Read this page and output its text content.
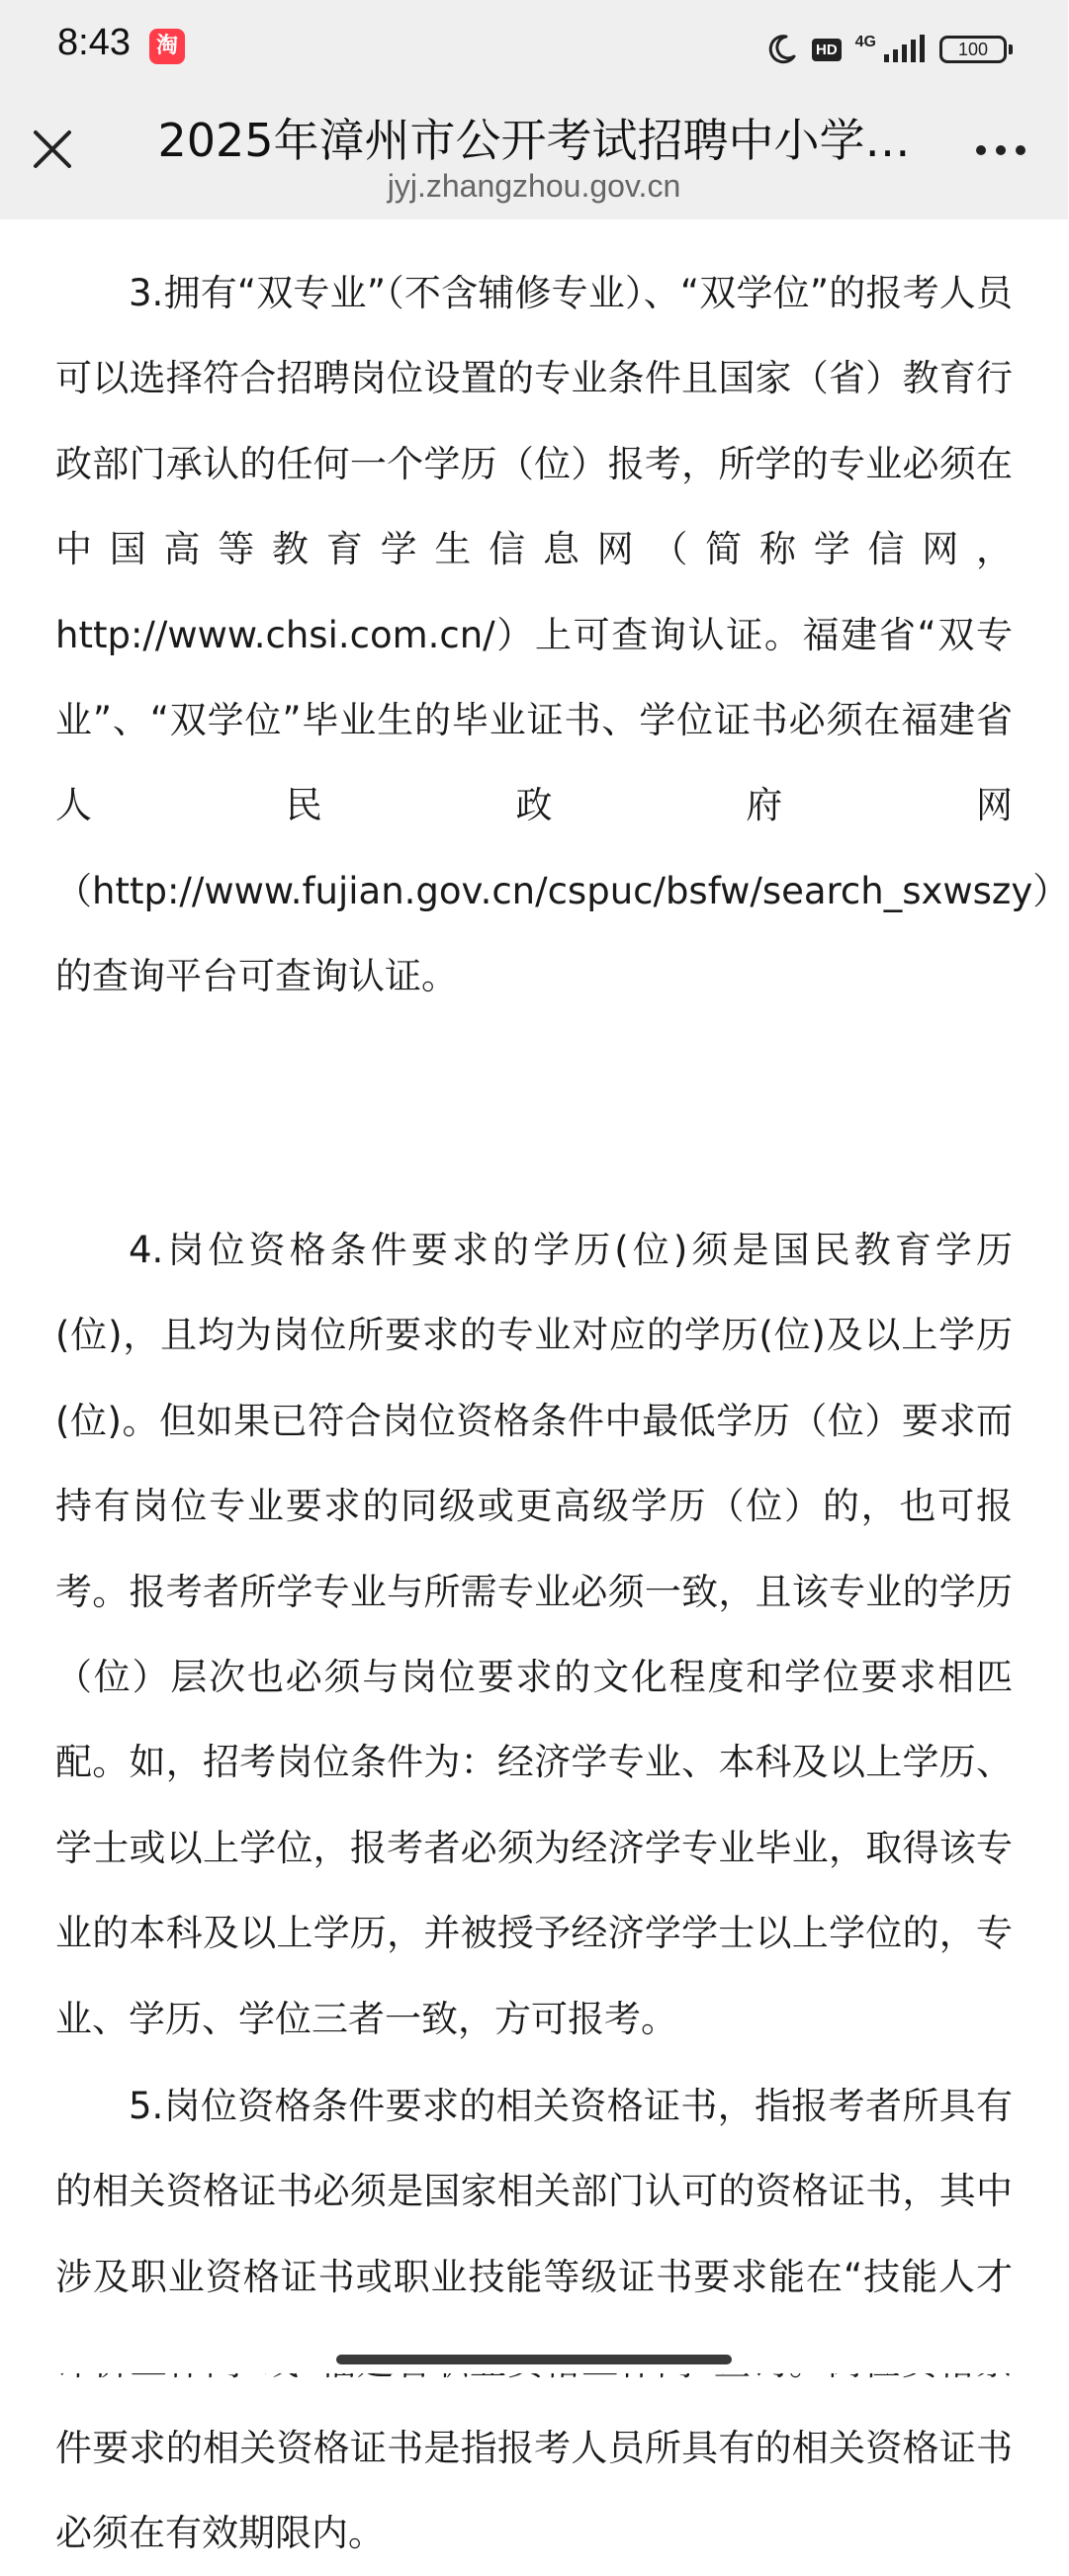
8:43	淘	HD 4G	100
2025年漳州市公开考试招聘中小学…
jyj.zhangzhou.gov.cn

3.拥有“双专业”（不含辅修专业）、“双学位”的报考人员可以选择符合招聘岗位设置的专业条件且国家（省）教育行政部门承认的任何一个学历（位）报考，所学的专业必须在中国高等教育学生信息网（简称学信网，http://www.chsi.com.cn/）上可查询认证。福建省“双专业”、“双学位”毕业生的毕业证书、学位证书必须在福建省人民政府网（http://www.fujian.gov.cn/cspuc/bsfw/search_sxwszy）的查询平台可查询认证。

4.岗位资格条件要求的学历(位)须是国民教育学历(位)，且均为岗位所要求的专业对应的学历(位)及以上学历(位)。但如果已符合岗位资格条件中最低学历（位）要求而持有岗位专业要求的同级或更高级学历（位）的，也可报考。报考者所学专业与所需专业必须一致，且该专业的学历（位）层次也必须与岗位要求的文化程度和学位要求相匹配。如，招考岗位条件为：经济学专业、本科及以上学历、学士或以上学位，报考者必须为经济学专业毕业，取得该专业的本科及以上学历，并被授予经济学学士以上学位的，专业、学历、学位三者一致，方可报考。

5.岗位资格条件要求的相关资格证书，指报考者所具有的相关资格证书必须是国家相关部门认可的资格证书，其中涉及职业资格证书或职业技能等级证书要求能在“技能人才 件要求的相关资格证书是指报考人员所具有的相关资格证书必须在有效期限内。
